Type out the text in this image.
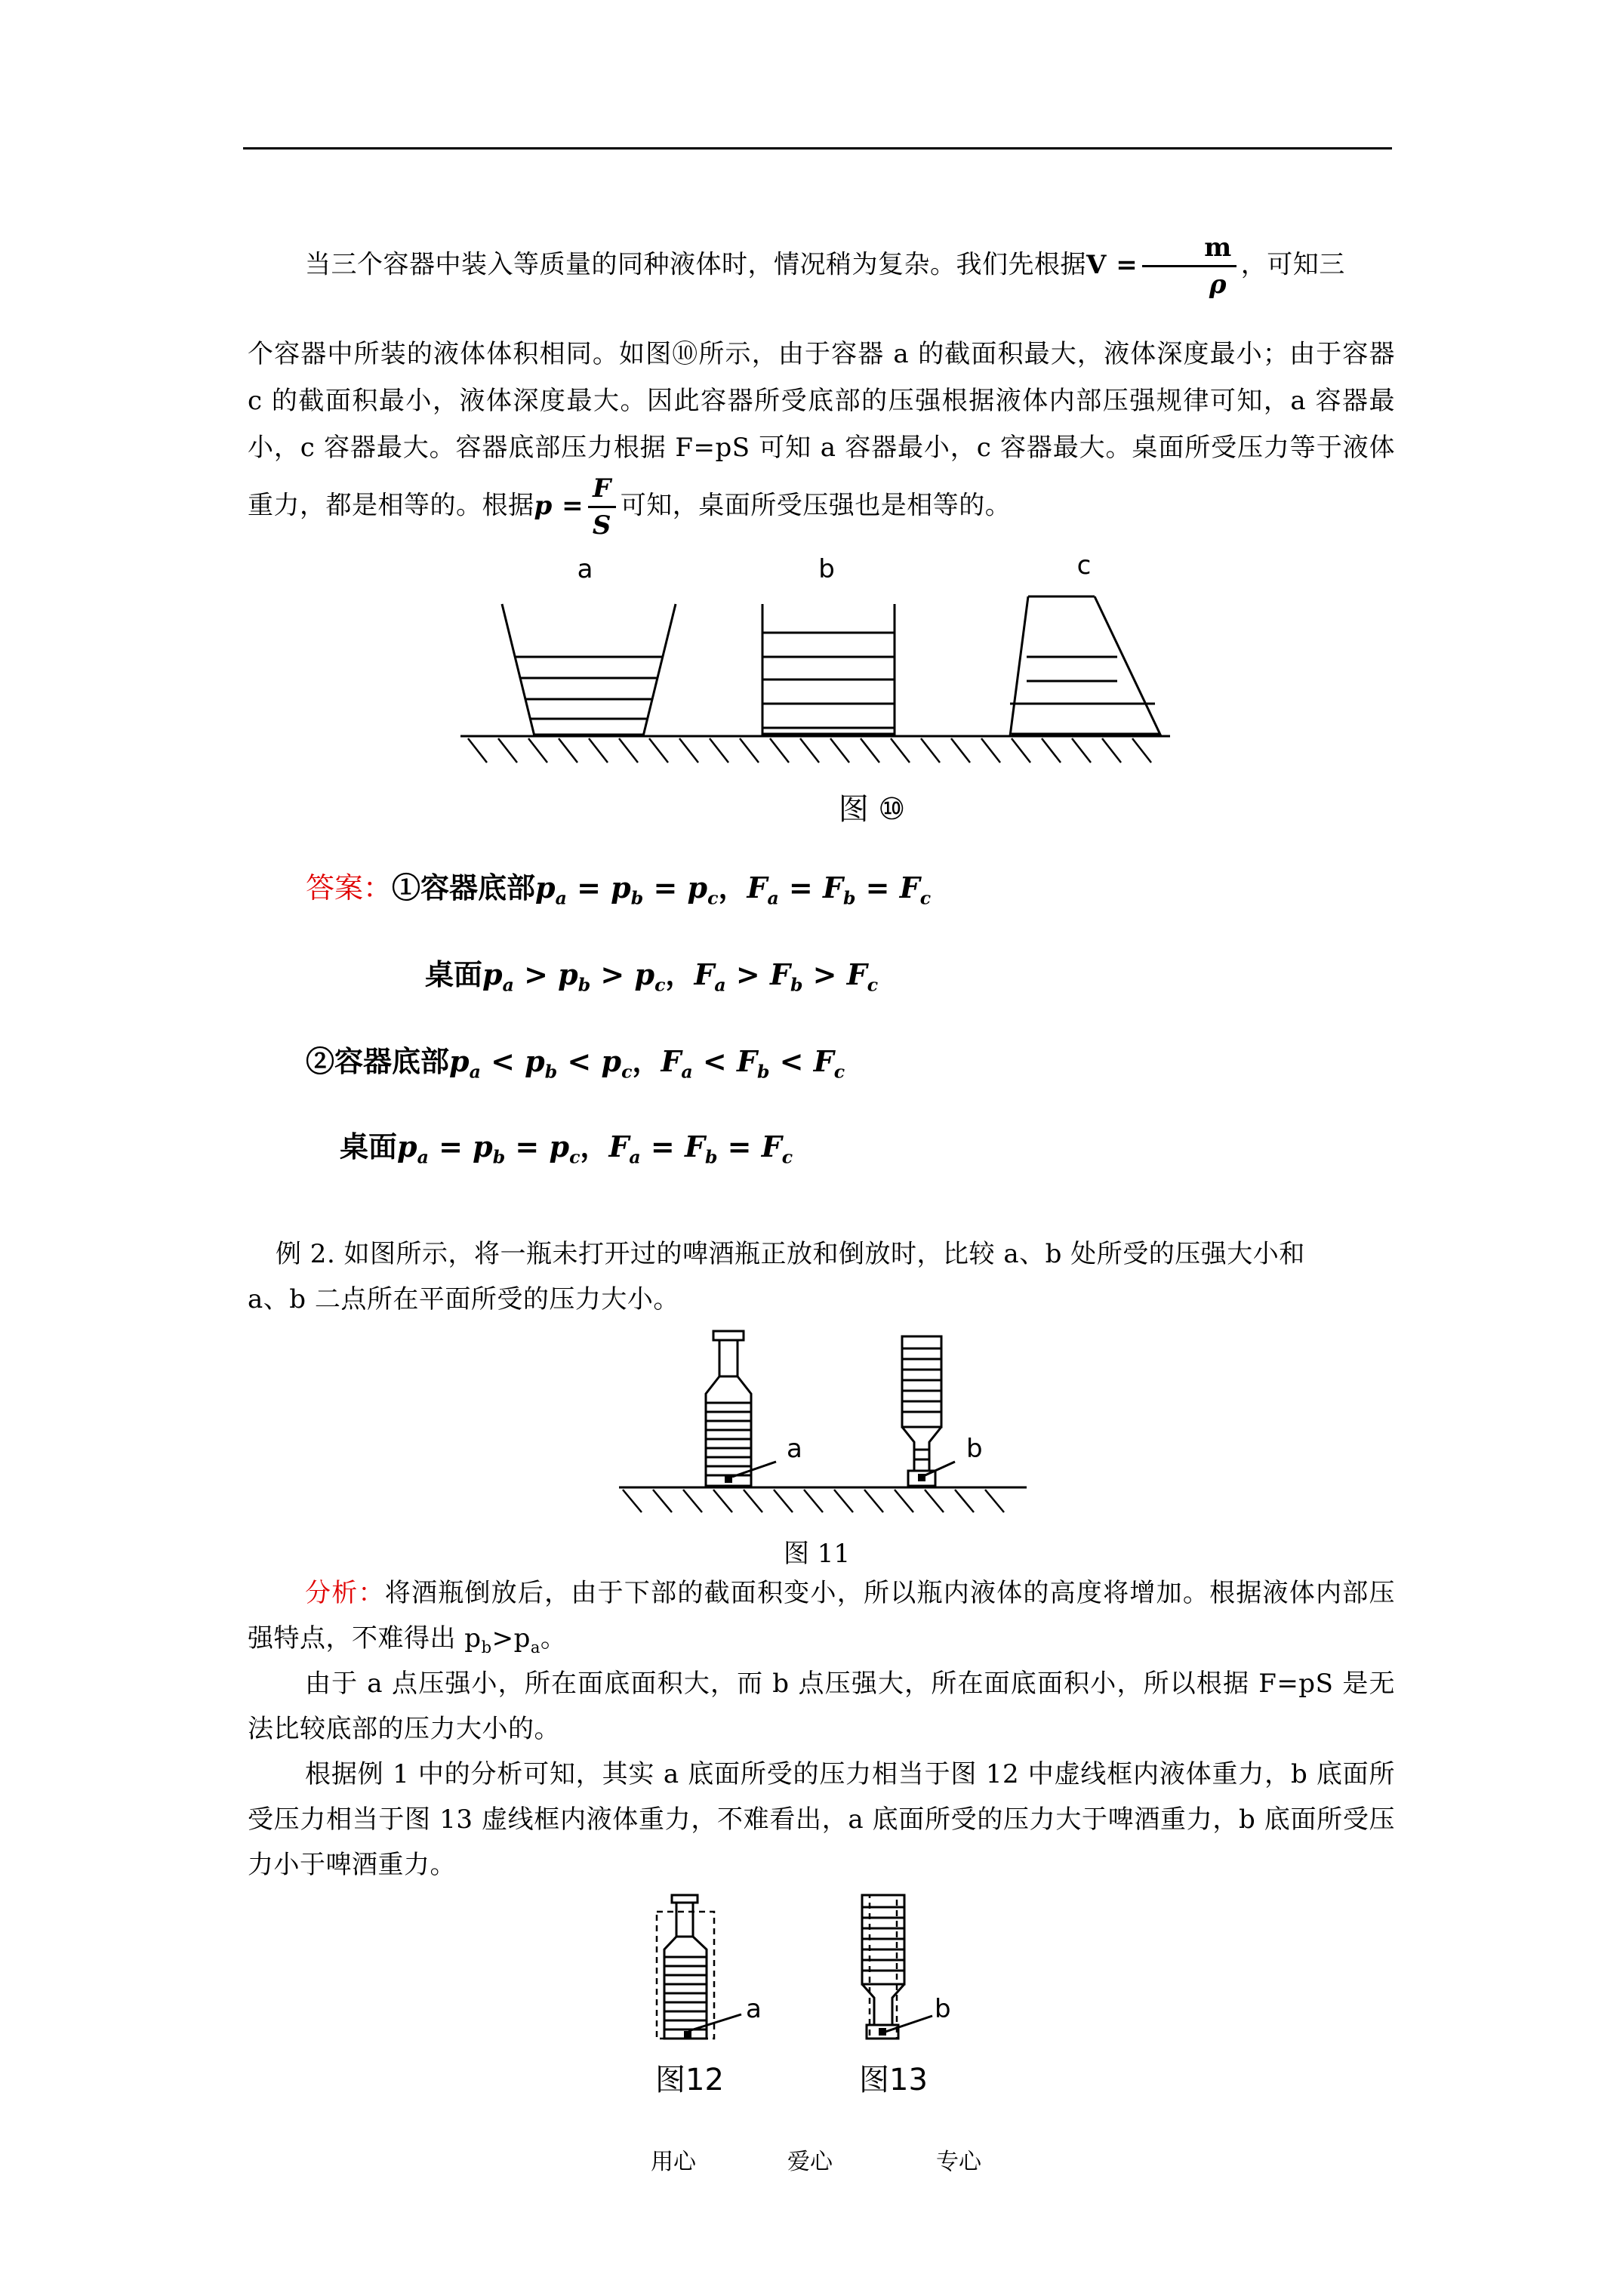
当三个容器中装入等质量的同种液体时，情况稍为复杂。我们先根据$V = \frac{m}{\rho}$ ，可知三
个容器中所装的液体体积相同。如图⑩所示，由于容器 a 的截面积最大，液体深度最小；由于容器 c 的截面积最小，液体深度最大。因此容器所受底部的压强根据液体内部压强规律可知，a 容器最小，c 容器最大。容器底部压力根据 F=pS 可知 a 容器最小，c 容器最大。桌面所受压力等于液体重力，都是相等的。根据$p = \frac{F}{S}$ 可知，桌面所受压强也是相等的。
a	b	c
图 ⑩
答案：①容器底部$p_a = p_b = p_c$，$F_a = F_b = F_c$
桌面$p_a > p_b > p_c$，$F_a > F_b > F_c$
②容器底部$p_a < p_b < p_c$，$F_a < F_b < F_c$
桌面$p_a = p_b = p_c$，$F_a = F_b = F_c$
例 2. 如图所示，将一瓶未打开过的啤酒瓶正放和倒放时，比较 a、b 处所受的压强大小和
a、b 二点所在平面所受的压力大小。
a	b
图 11
分析：将酒瓶倒放后，由于下部的截面积变小，所以瓶内液体的高度将增加。根据液体内部压强特点，不难得出 $p_b>p_a$。
由于 a 点压强小，所在面底面积大，而 b 点压强大，所在面底面积小，所以根据 F=pS 是无法比较底部的压力大小的。
根据例 1 中的分析可知，其实 a 底面所受的压力相当于图 12 中虚线框内液体重力，b 底面所受压力相当于图 13 虚线框内液体重力，不难看出，a 底面所受的压力大于啤酒重力，b 底面所受压力小于啤酒重力。
a	b
图12	图13
用心	爱心	专心
